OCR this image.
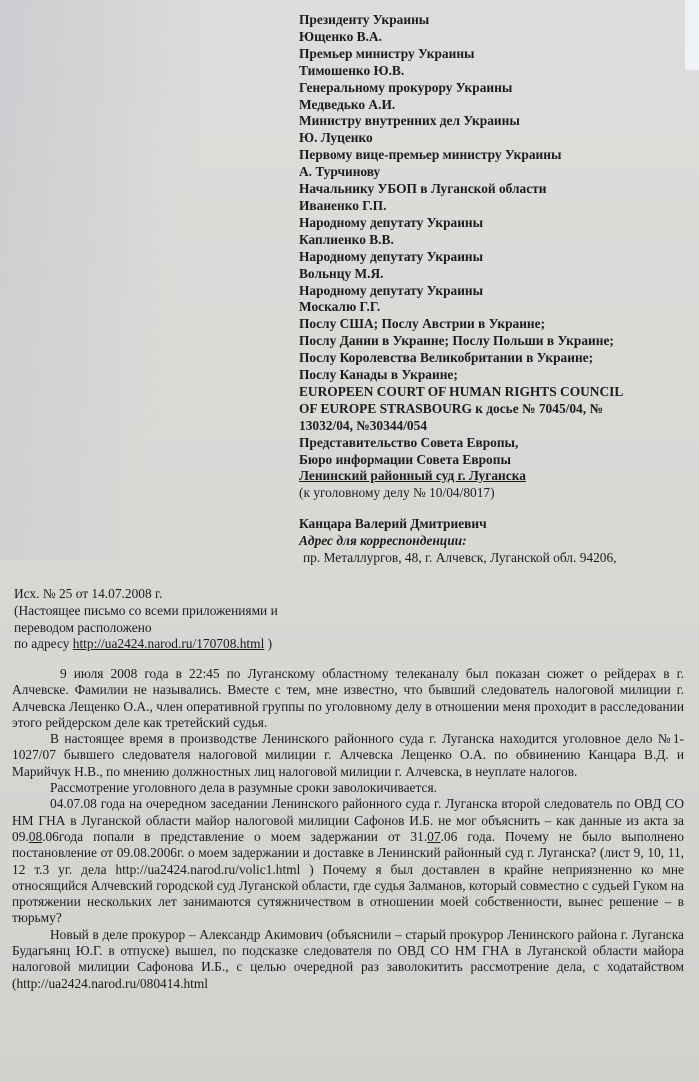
Президенту Украины
Ющенко В.А.
Премьер министру Украины
Тимошенко Ю.В.
Генеральному прокурору Украины
Медведько А.И.
Министру внутренних дел Украины
Ю. Луценко
Первому вице-премьер министру Украины
А. Турчинову
Начальнику УБОП в Луганской области
Иваненко Г.П.
Народному депутату Украины
Каплиенко В.В.
Народному депутату Украины
Вольнцу М.Я.
Народному депутату Украины
Москалю Г.Г.
Послу США; Послу Австрии в Украине;
Послу Дании в Украине; Послу Польши в Украине;
Послу Королевства Великобритании в Украине;
Послу Канады в Украине;
EUROPEEN COURT OF HUMAN RIGHTS COUNCIL
OF EUROPE STRASBOURG к досье № 7045/04, №
13032/04, №30344/054
Представительство Совета Европы,
Бюро информации Совета Европы
Ленинский районный суд г. Луганска
(к уголовному делу № 10/04/8017)
Канцара Валерий Дмитриевич
Адрес для корреспонденции:
пр. Металлургов, 48, г. Алчевск, Луганской обл. 94206,
Исх. № 25 от 14.07.2008 г.
(Настоящее письмо со всеми приложениями и
переводом расположено
по адресу http://ua2424.narod.ru/170708.html )

9 июля 2008 года в 22:45 по Луганскому областному телеканалу был показан сюжет о рейдерах в г. Алчевске. Фамилии не назывались. Вместе с тем, мне известно, что бывший следователь налоговой милиции г. Алчевска Лещенко О.А., член оперативной группы по уголовному делу в отношении меня проходит в расследовании этого рейдерском деле как третейский судья.

В настоящее время в производстве Ленинского районного суда г. Луганска находится уголовное дело №1-1027/07 бывшего следователя налоговой милиции г. Алчевска Лещенко О.А. по обвинению Канцара В.Д. и Марийчук Н.В., по мнению должностных лиц налоговой милиции г. Алчевска, в неуплате налогов.

Рассмотрение уголовного дела в разумные сроки заволокичивается.

04.07.08 года на очередном заседании Ленинского районного суда г. Луганска второй следователь по ОВД СО НМ ГНА в Луганской области майор налоговой милиции Сафонов И.Б. не мог объяснить – как данные из акта за 09.08.06года попали в представление о моем задержании от 31.07.06 года. Почему не было выполнено постановление от 09.08.2006г. о моем задержании и доставке в Ленинский районный суд г. Луганска? (лист 9, 10, 11, 12 т.3 уг. дела http://ua2424.narod.ru/volic1.html ) Почему я был доставлен в крайне неприязненно ко мне относящийся Алчевский городской суд Луганской области, где судья Залманов, который совместно с судьей Гуком на протяжении нескольких лет занимаются сутяжничеством в отношении моей собственности, вынес решение – в тюрьму?

Новый в деле прокурор – Александр Акимович (объяснили – старый прокурор Ленинского района г. Луганска Будагьянц Ю.Г. в отпуске) вышел, по подсказке следователя по ОВД СО НМ ГНА в Луганской области майора налоговой милиции Сафонова И.Б., с целью очередной раз заволокитить рассмотрение дела, с ходатайством (http://ua2424.narod.ru/080414.html
